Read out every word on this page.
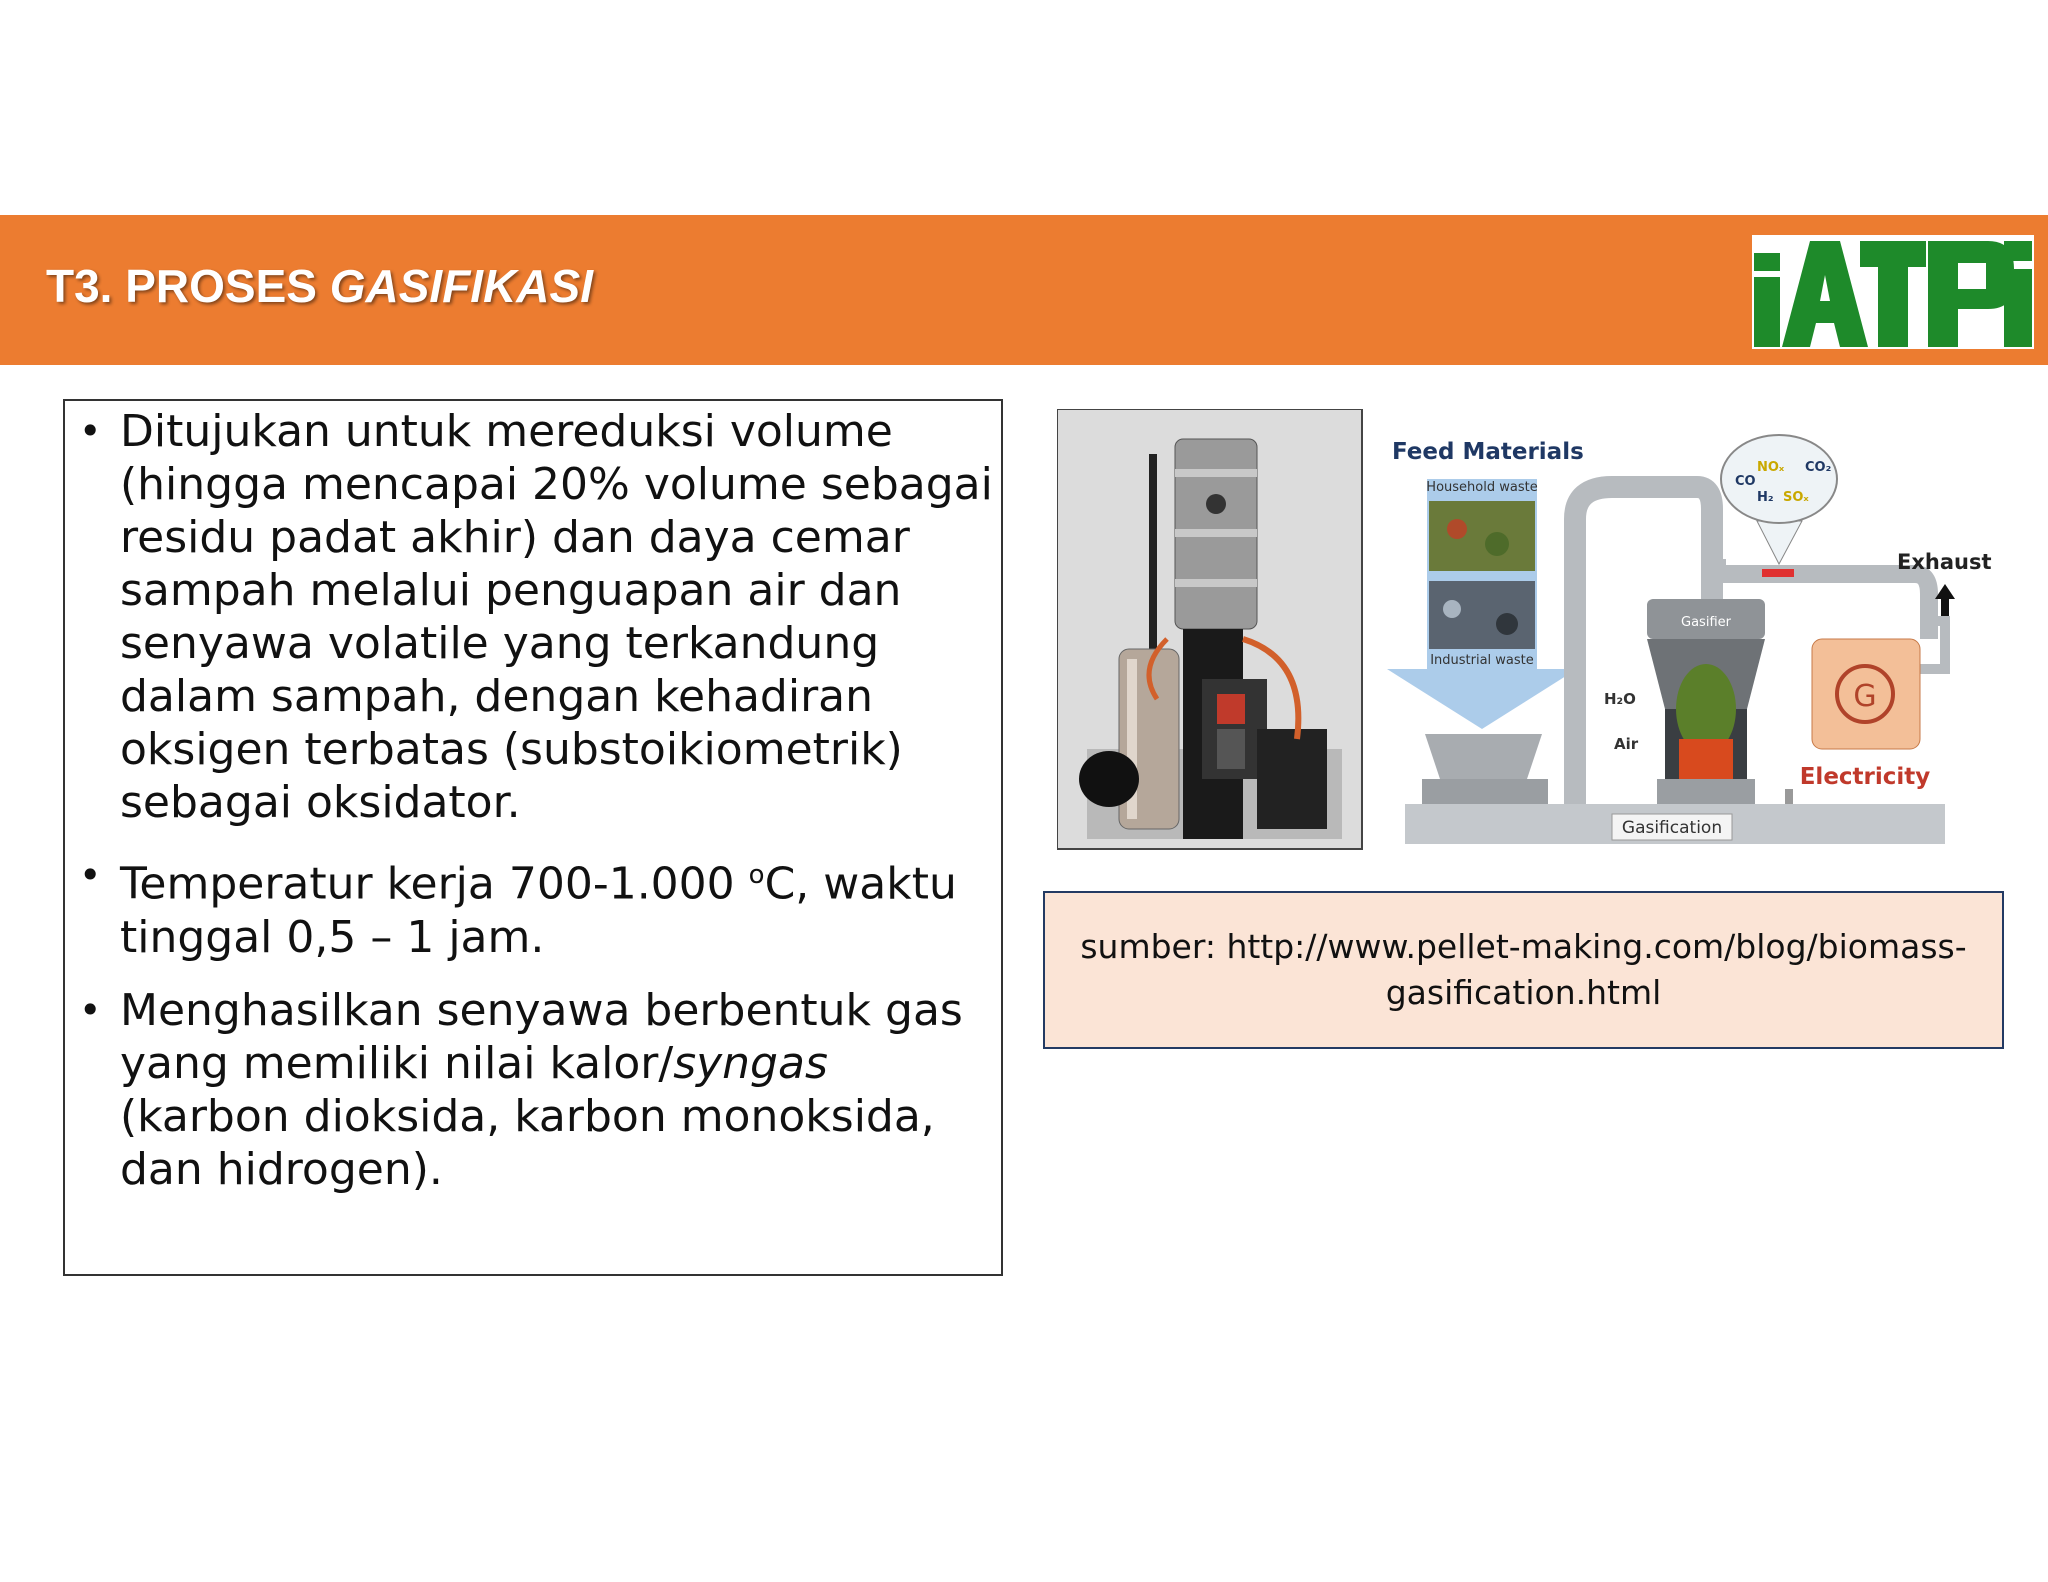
T3. PROSES GASIFIKASI
• Ditujukan untuk mereduksi volume (hingga mencapai 20% volume sebagai residu padat akhir) dan daya cemar sampah melalui penguapan air dan senyawa volatile yang terkandung dalam sampah, dengan kehadiran oksigen terbatas (substoikiometrik) sebagai oksidator.
• Temperatur kerja 700-1.000 $^o$C, waktu tinggal 0,5 – 1 jam.
• Menghasilkan senyawa berbentuk gas yang memiliki nilai kalor/syngas (karbon dioksida, karbon monoksida, dan hidrogen).
Gasification
Feed Materials
Household waste
Industrial waste
Gasifier
H₂O
Air
CO
NOₓ CO₂
H₂ SOₓ
Exhaust
G
Electricity
sumber: http://www.pellet-making.com/blog/biomass-gasification.html
